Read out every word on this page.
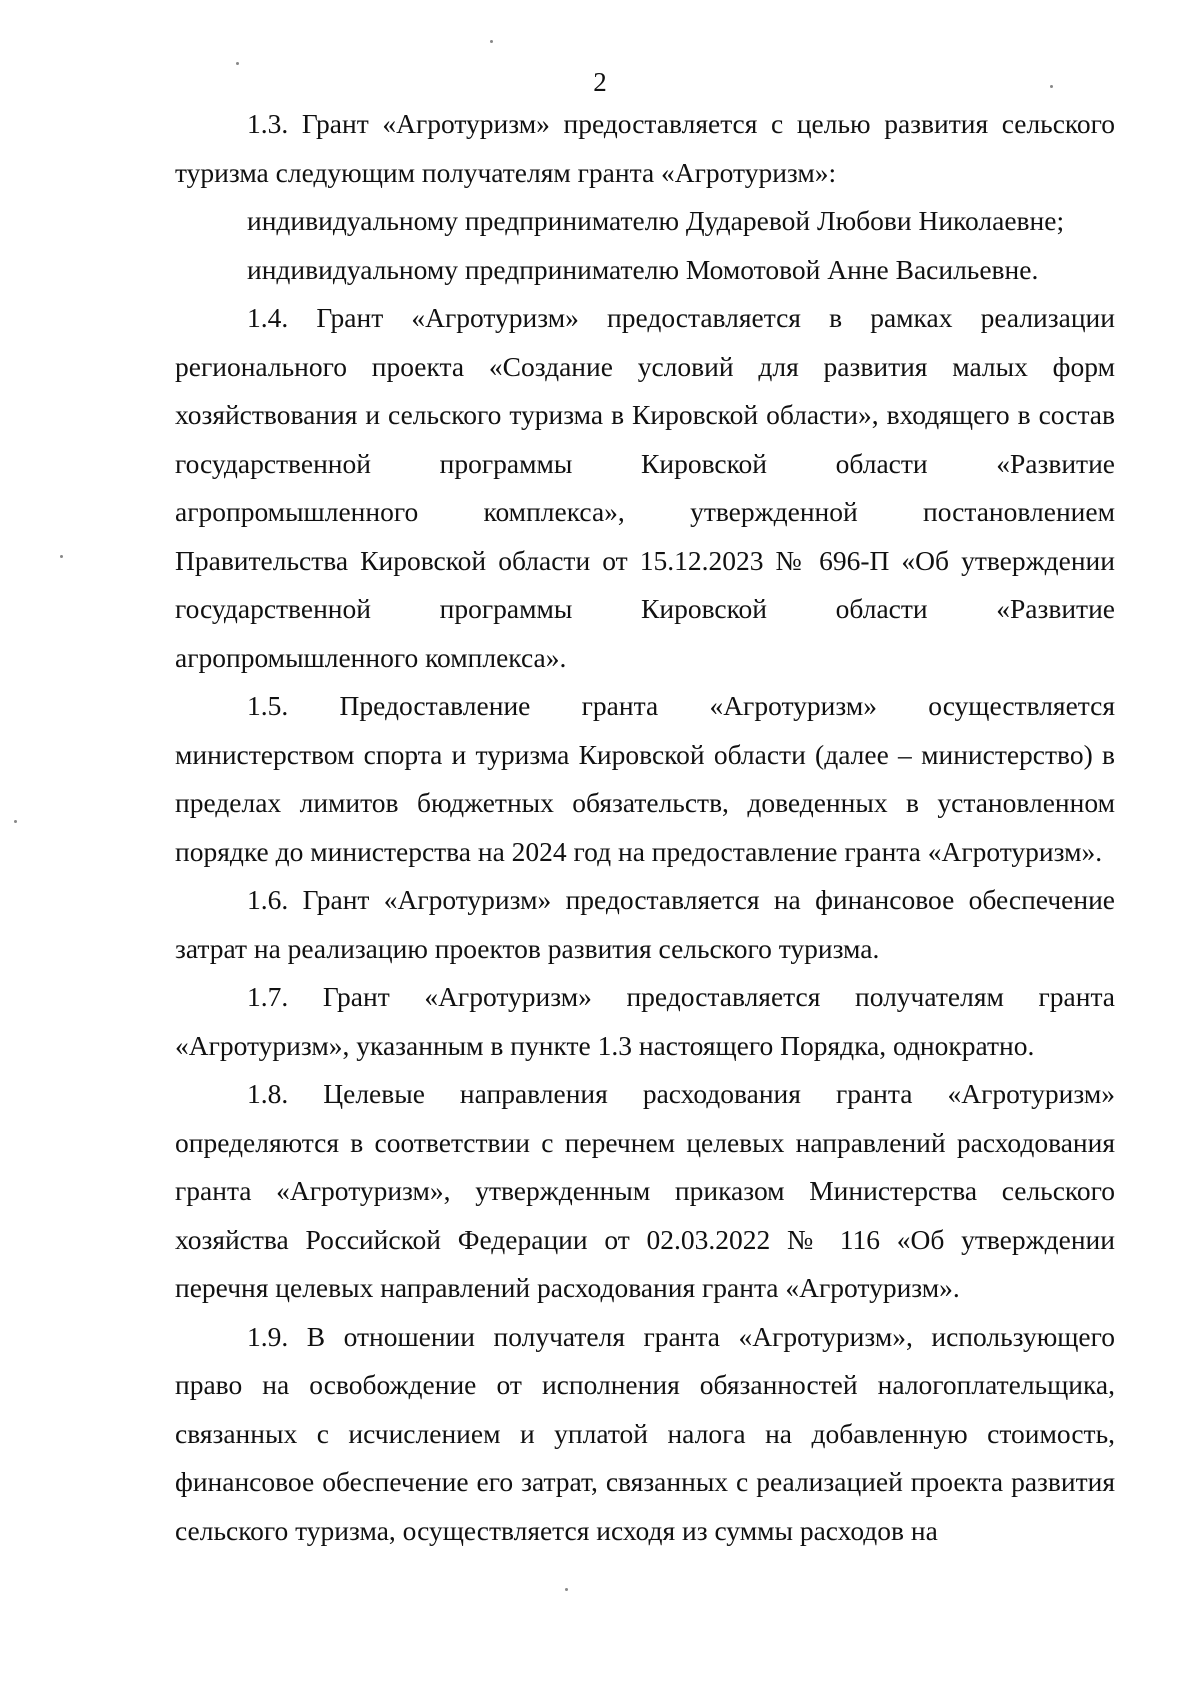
2

1.3. Грант «Агротуризм» предоставляется с целью развития сельского туризма следующим получателям гранта «Агротуризм»:

индивидуальному предпринимателю Дударевой Любови Николаевне;

индивидуальному предпринимателю Момотовой Анне Васильевне.

1.4. Грант «Агротуризм» предоставляется в рамках реализации регионального проекта «Создание условий для развития малых форм хозяйствования и сельского туризма в Кировской области», входящего в состав государственной программы Кировской области «Развитие агропромышленного комплекса», утвержденной постановлением Правительства Кировской области от 15.12.2023 № 696-П «Об утверждении государственной программы Кировской области «Развитие агропромышленного комплекса».

1.5. Предоставление гранта «Агротуризм» осуществляется министерством спорта и туризма Кировской области (далее – министерство) в пределах лимитов бюджетных обязательств, доведенных в установленном порядке до министерства на 2024 год на предоставление гранта «Агротуризм».

1.6. Грант «Агротуризм» предоставляется на финансовое обеспечение затрат на реализацию проектов развития сельского туризма.

1.7. Грант «Агротуризм» предоставляется получателям гранта «Агротуризм», указанным в пункте 1.3 настоящего Порядка, однократно.

1.8. Целевые направления расходования гранта «Агротуризм» определяются в соответствии с перечнем целевых направлений расходования гранта «Агротуризм», утвержденным приказом Министерства сельского хозяйства Российской Федерации от 02.03.2022 № 116 «Об утверждении перечня целевых направлений расходования гранта «Агротуризм».

1.9. В отношении получателя гранта «Агротуризм», использующего право на освобождение от исполнения обязанностей налогоплательщика, связанных с исчислением и уплатой налога на добавленную стоимость, финансовое обеспечение его затрат, связанных с реализацией проекта развития сельского туризма, осуществляется исходя из суммы расходов на
